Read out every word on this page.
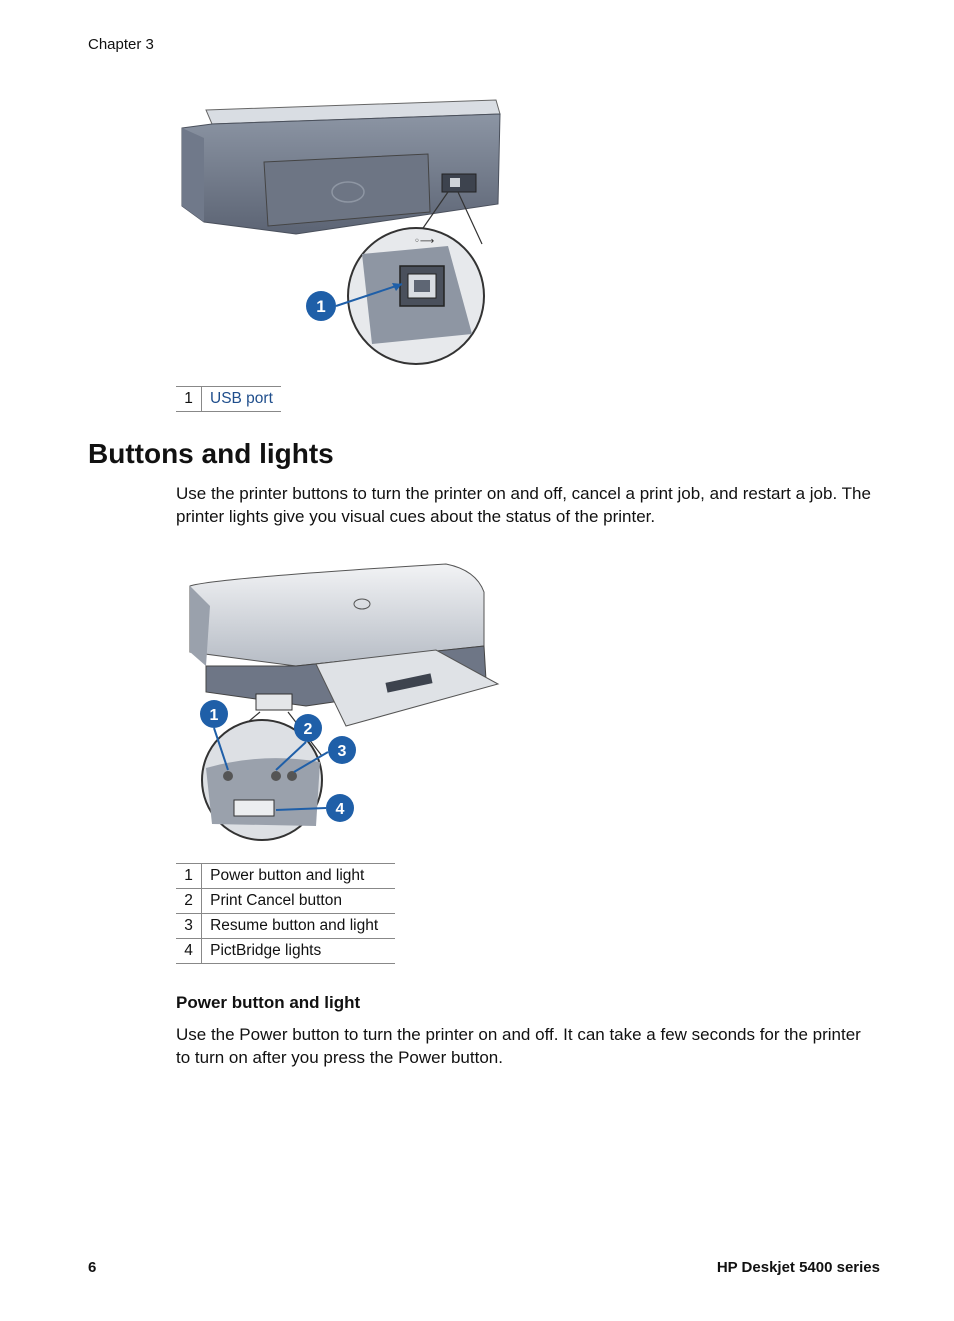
Chapter 3
◦⟶
1
1	USB port
Buttons and lights

Use the printer buttons to turn the printer on and off, cancel a print job, and restart a job. The printer lights give you visual cues about the status of the printer.

1
2
3
4
1	Power button and light
2	Print Cancel button
3	Resume button and light
4	PictBridge lights
Power button and light

Use the Power button to turn the printer on and off. It can take a few seconds for the printer to turn on after you press the Power button.

6	HP Deskjet 5400 series
